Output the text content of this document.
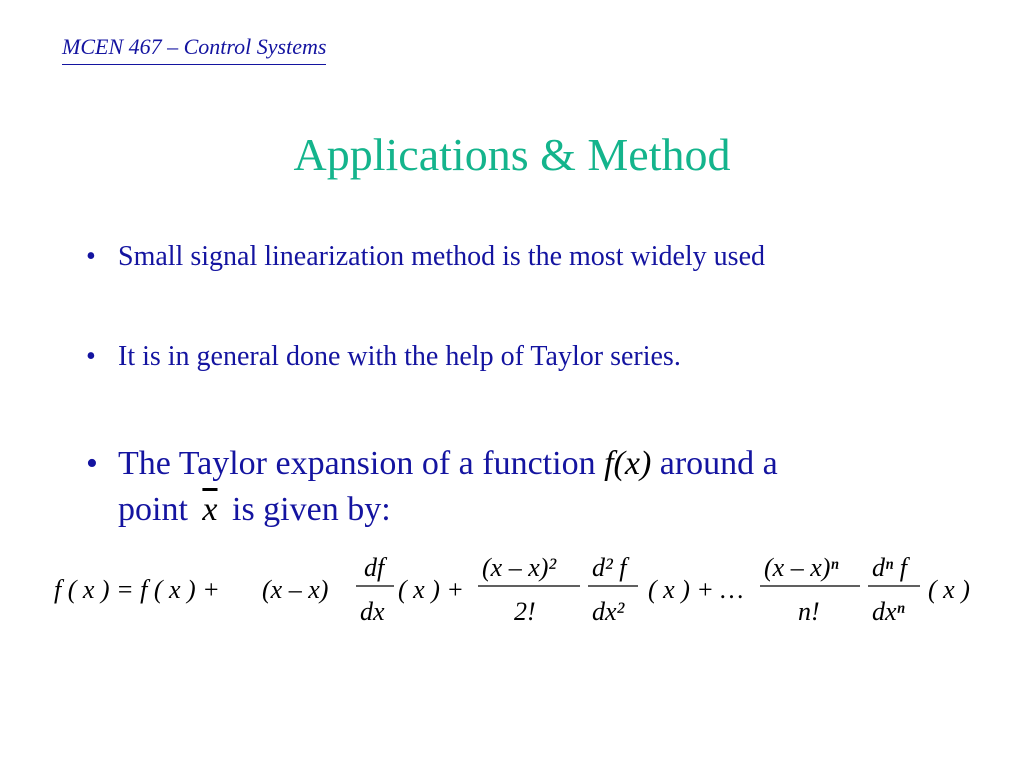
MCEN 467 – Control Systems
Applications & Method
• Small signal linearization method is the most widely used
• It is in general done with the help of Taylor series.
• The Taylor expansion of a function f(x) around a
point $\overline{x}$ is given by:
f ( x ) = f ( x ) + (x – x)
df
dx
( x ) +
(x – x)²
2!
d² f
dx²
( x ) + …
(x – x)ⁿ
n!
dⁿ f
dxⁿ
( x )
